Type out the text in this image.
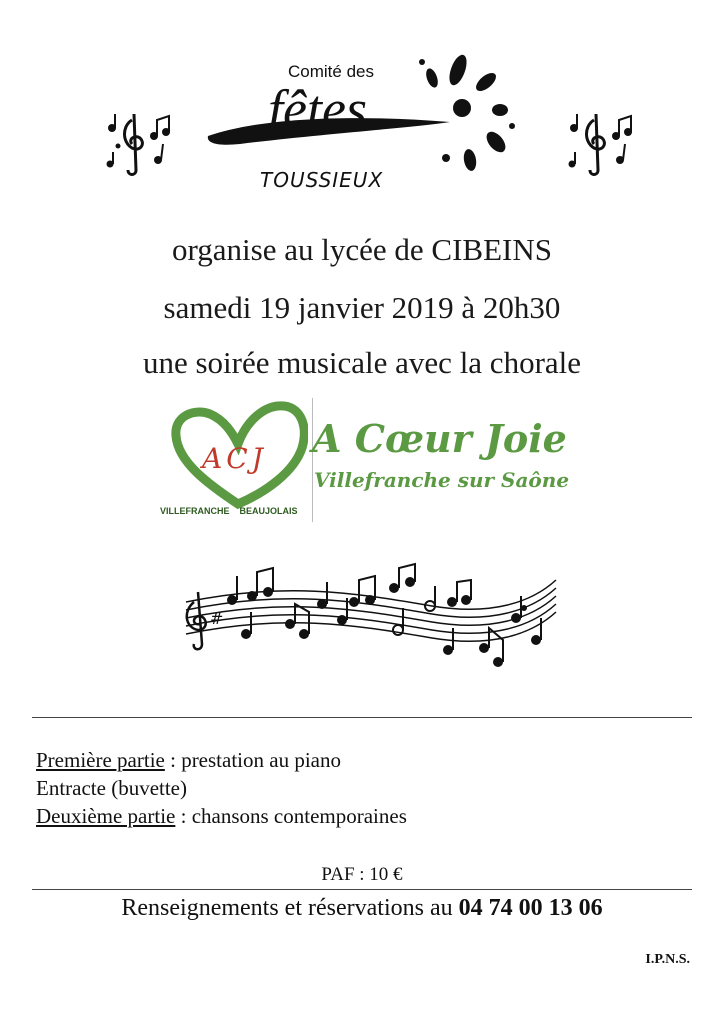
Comité des
fêtes
TOUSSIEUX
organise au lycée de CIBEINS
samedi 19 janvier 2019 à 20h30
une soirée musicale avec la chorale
ACJ
VILLEFRANCHE    BEAUJOLAIS
A Cœur Joie
Villefranche sur Saône
#
Première partie : prestation au piano
Entracte (buvette)
Deuxième partie : chansons contemporaines
PAF : 10 €
Renseignements et réservations au 04 74 00 13 06
I.P.N.S.
